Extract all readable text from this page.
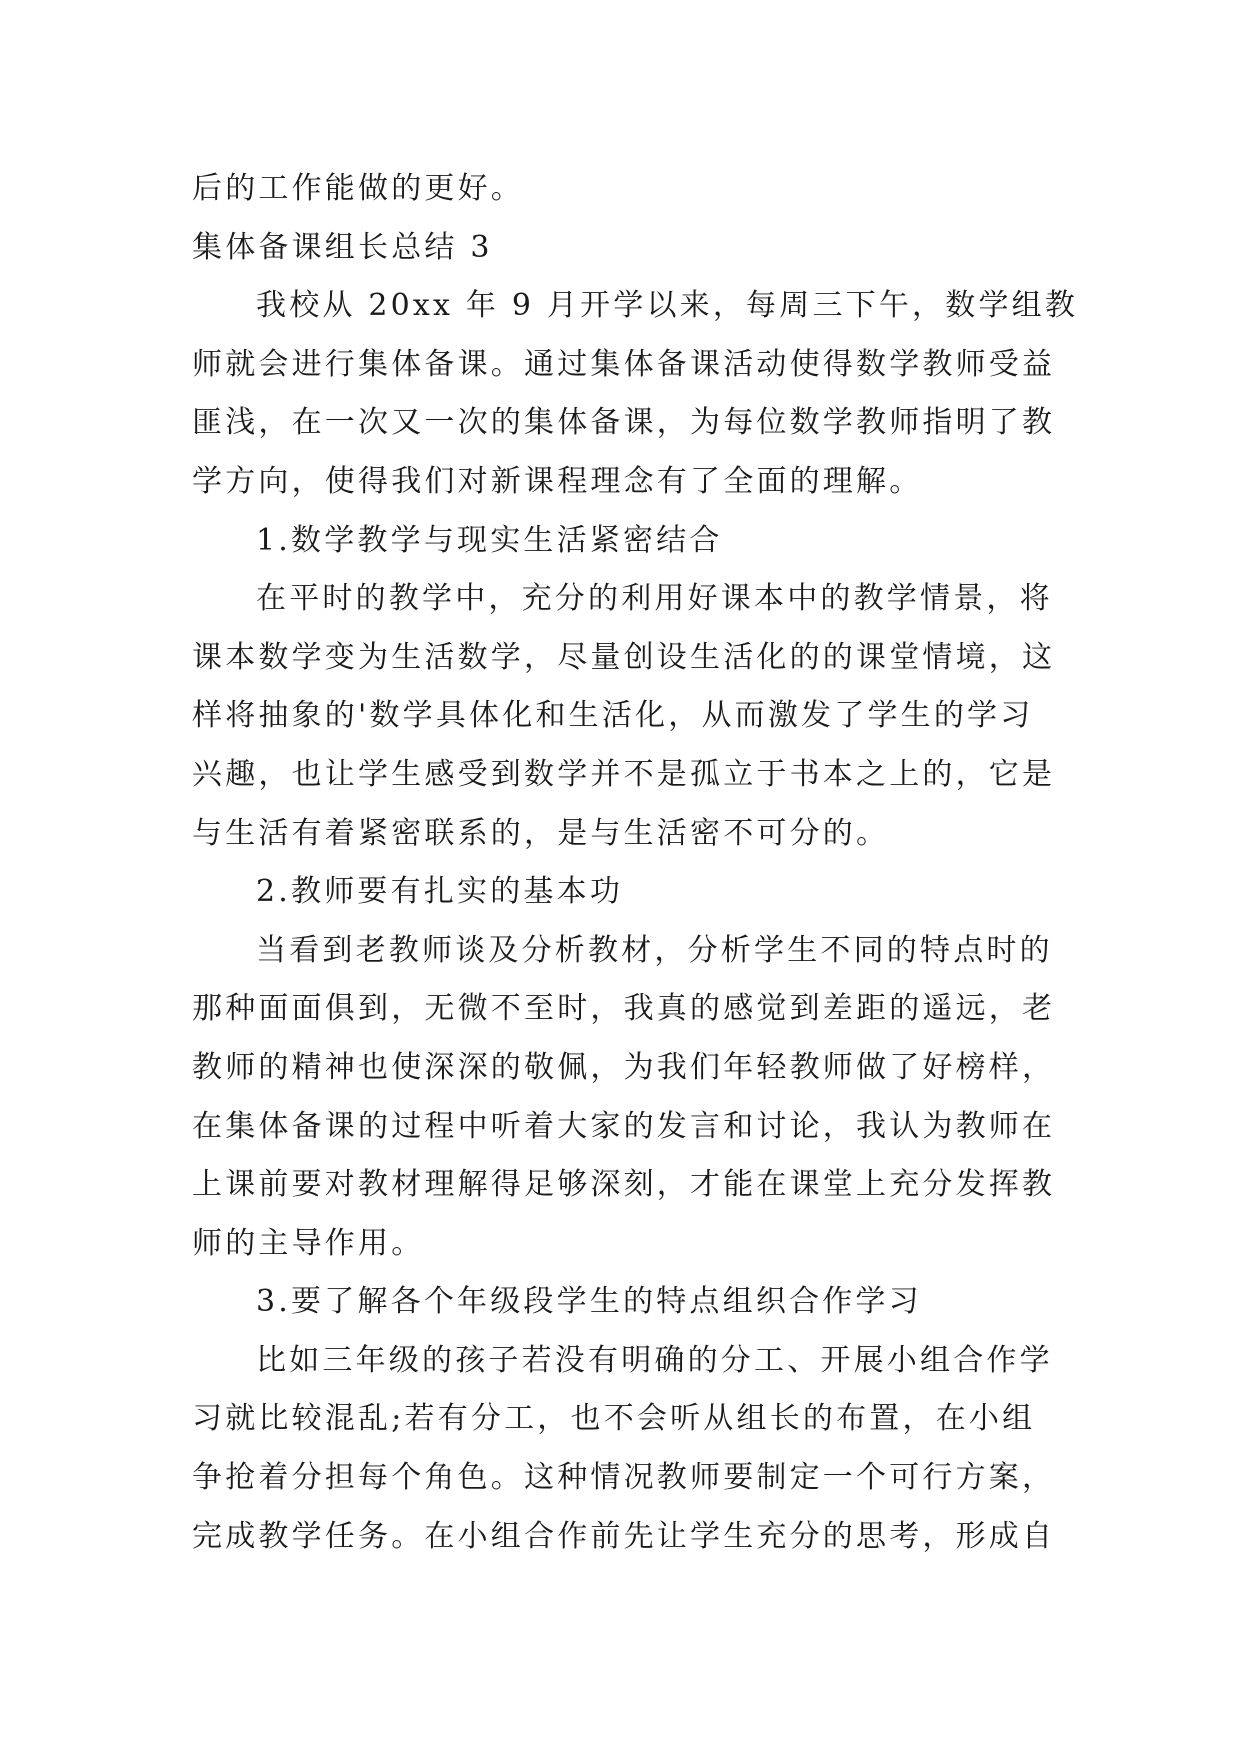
后的工作能做的更好。
集体备课组长总结 3
我校从 20xx 年 9 月开学以来，每周三下午，数学组教
师就会进行集体备课。通过集体备课活动使得数学教师受益
匪浅，在一次又一次的集体备课，为每位数学教师指明了教
学方向，使得我们对新课程理念有了全面的理解。
1.数学教学与现实生活紧密结合
在平时的教学中，充分的利用好课本中的教学情景，将
课本数学变为生活数学，尽量创设生活化的的课堂情境，这
样将抽象的'数学具体化和生活化，从而激发了学生的学习
兴趣，也让学生感受到数学并不是孤立于书本之上的，它是
与生活有着紧密联系的，是与生活密不可分的。
2.教师要有扎实的基本功
当看到老教师谈及分析教材，分析学生不同的特点时的
那种面面俱到，无微不至时，我真的感觉到差距的遥远，老
教师的精神也使深深的敬佩，为我们年轻教师做了好榜样，
在集体备课的过程中听着大家的发言和讨论，我认为教师在
上课前要对教材理解得足够深刻，才能在课堂上充分发挥教
师的主导作用。
3.要了解各个年级段学生的特点组织合作学习
比如三年级的孩子若没有明确的分工、开展小组合作学
习就比较混乱;若有分工，也不会听从组长的布置，在小组
争抢着分担每个角色。这种情况教师要制定一个可行方案，
完成教学任务。在小组合作前先让学生充分的思考，形成自
